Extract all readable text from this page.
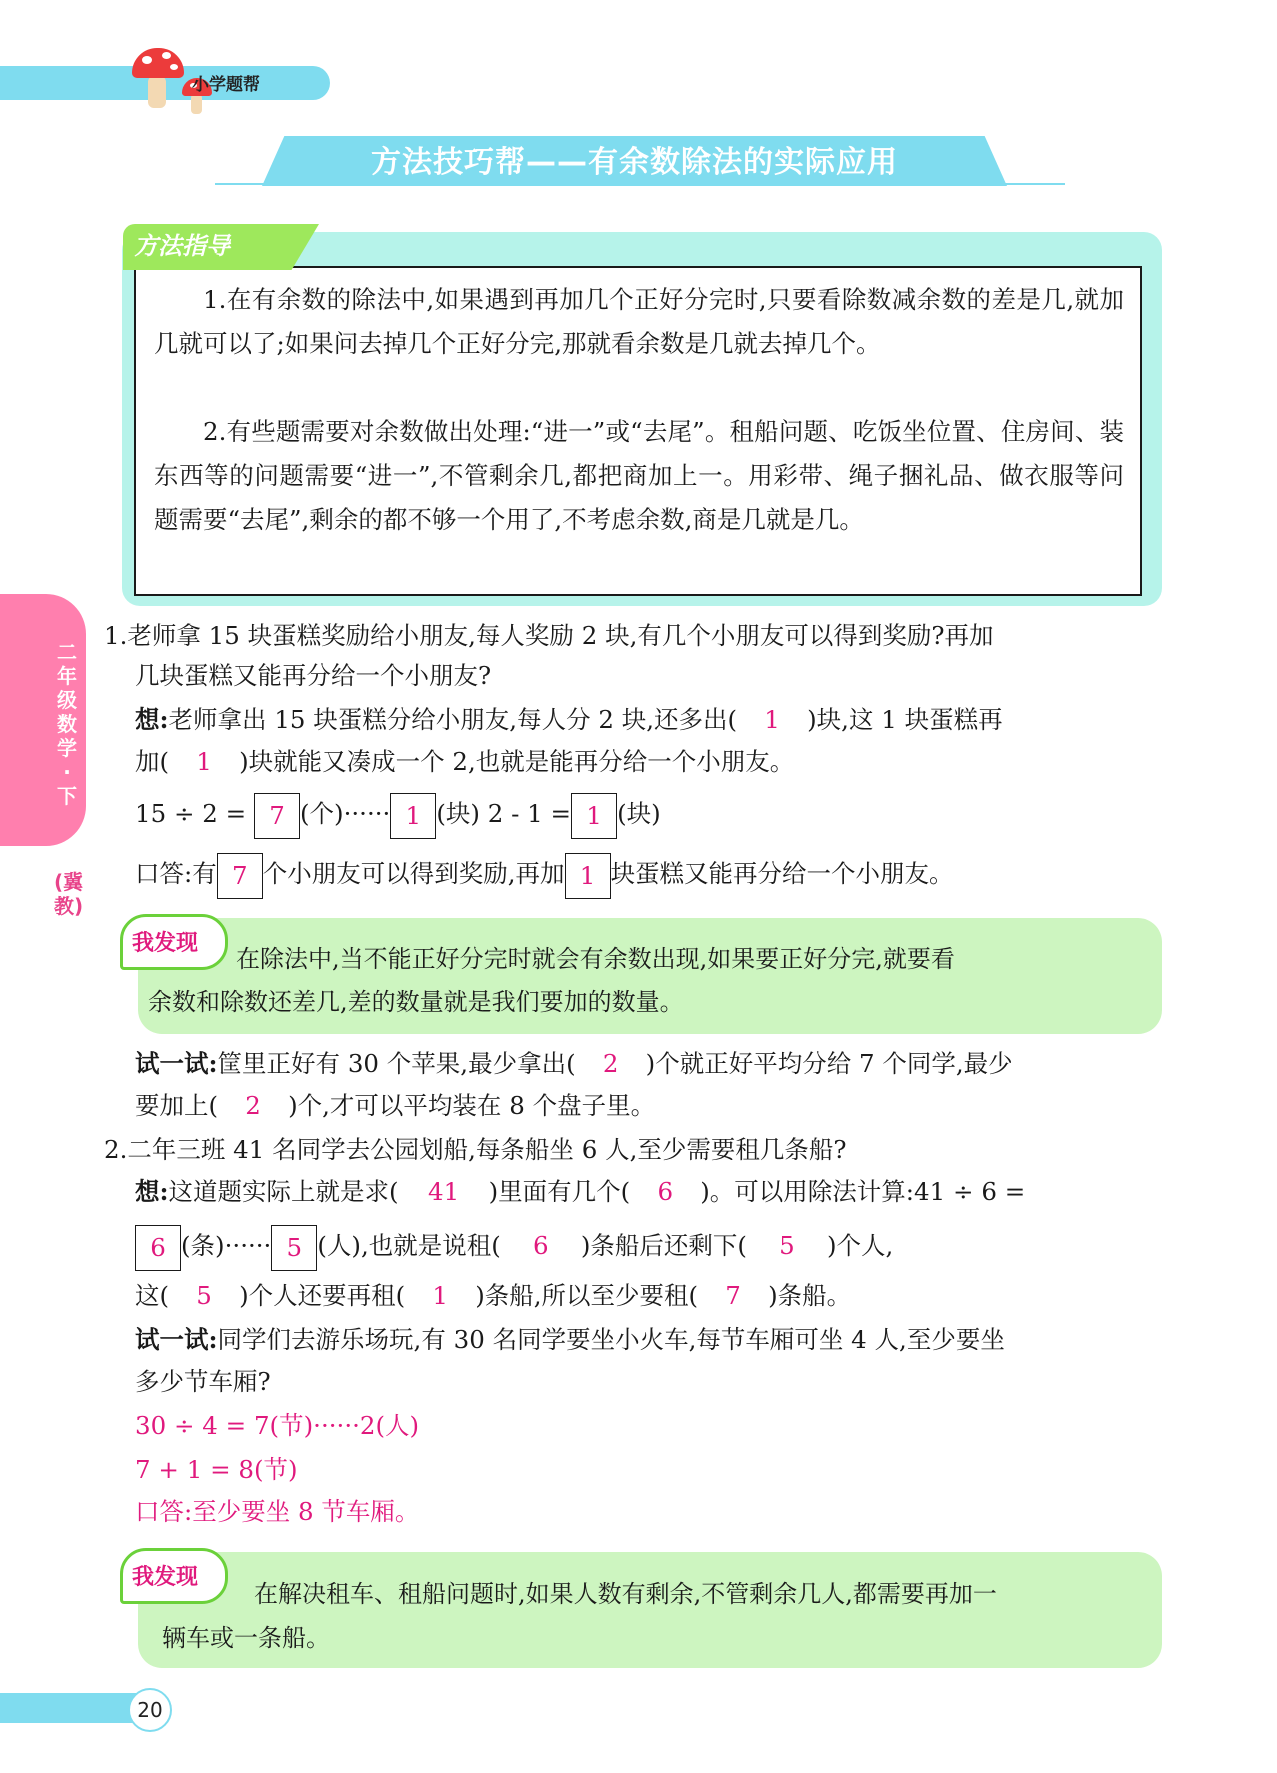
小学题帮
方法技巧帮——有余数除法的实际应用
方法指导
1.在有余数的除法中,如果遇到再加几个正好分完时,只要看除数减余数的差是几,就加几就可以了;如果问去掉几个正好分完,那就看余数是几就去掉几个。
2.有些题需要对余数做出处理:“进一”或“去尾”。租船问题、吃饭坐位置、住房间、装东西等的问题需要“进一”,不管剩余几,都把商加上一。用彩带、绳子捆礼品、做衣服等问题需要“去尾”,剩余的都不够一个用了,不考虑余数,商是几就是几。
二年级数学·下
(冀教)
1.老师拿 15 块蛋糕奖励给小朋友,每人奖励 2 块,有几个小朋友可以得到奖励?再加
几块蛋糕又能再分给一个小朋友?
想:老师拿出 15 块蛋糕分给小朋友,每人分 2 块,还多出( 1 )块,这 1 块蛋糕再
加( 1 )块就能又凑成一个 2,也就是能再分给一个小朋友。
15 ÷ 2 = 7 (个)······ 1 (块) 2 - 1 = 1 (块)
口答:有 7 个小朋友可以得到奖励,再加 1 块蛋糕又能再分给一个小朋友。
我发现
在除法中,当不能正好分完时就会有余数出现,如果要正好分完,就要看
余数和除数还差几,差的数量就是我们要加的数量。
试一试:筐里正好有 30 个苹果,最少拿出( 2 )个就正好平均分给 7 个同学,最少
要加上( 2 )个,才可以平均装在 8 个盘子里。
2.二年三班 41 名同学去公园划船,每条船坐 6 人,至少需要租几条船?
想:这道题实际上就是求( 41 )里面有几个( 6 )。可以用除法计算:41 ÷ 6 =
6 (条)······ 5 (人),也就是说租( 6 )条船后还剩下( 5 )个人,
这( 5 )个人还要再租( 1 )条船,所以至少要租( 7 )条船。
试一试:同学们去游乐场玩,有 30 名同学要坐小火车,每节车厢可坐 4 人,至少要坐
多少节车厢?
30 ÷ 4 = 7(节)······2(人)
7 + 1 = 8(节)
口答:至少要坐 8 节车厢。
我发现
在解决租车、租船问题时,如果人数有剩余,不管剩余几人,都需要再加一
辆车或一条船。
20
